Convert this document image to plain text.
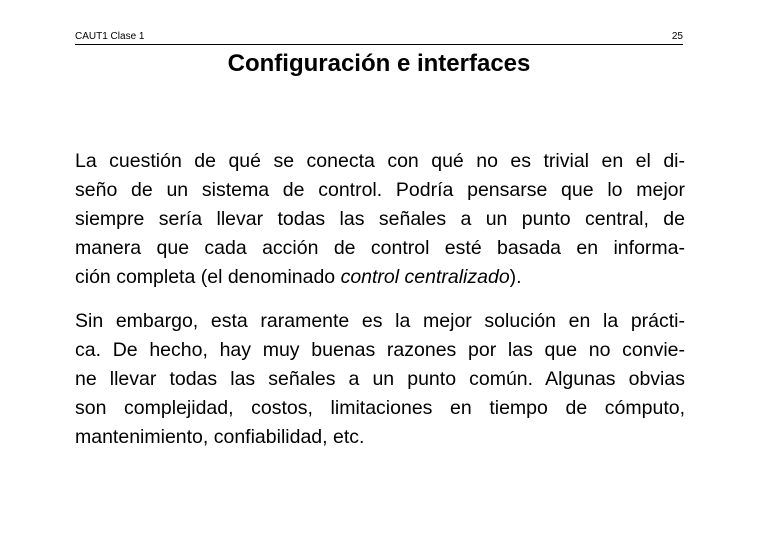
CAUT1 Clase 1	25
Configuración e interfaces
La cuestión de qué se conecta con qué no es trivial en el di-
seño de un sistema de control. Podría pensarse que lo mejor
siempre sería llevar todas las señales a un punto central, de
manera que cada acción de control esté basada en informa-
ción completa (el denominado control centralizado).
Sin embargo, esta raramente es la mejor solución en la prácti-
ca. De hecho, hay muy buenas razones por las que no convie-
ne llevar todas las señales a un punto común. Algunas obvias
son complejidad, costos, limitaciones en tiempo de cómputo,
mantenimiento, confiabilidad, etc.
